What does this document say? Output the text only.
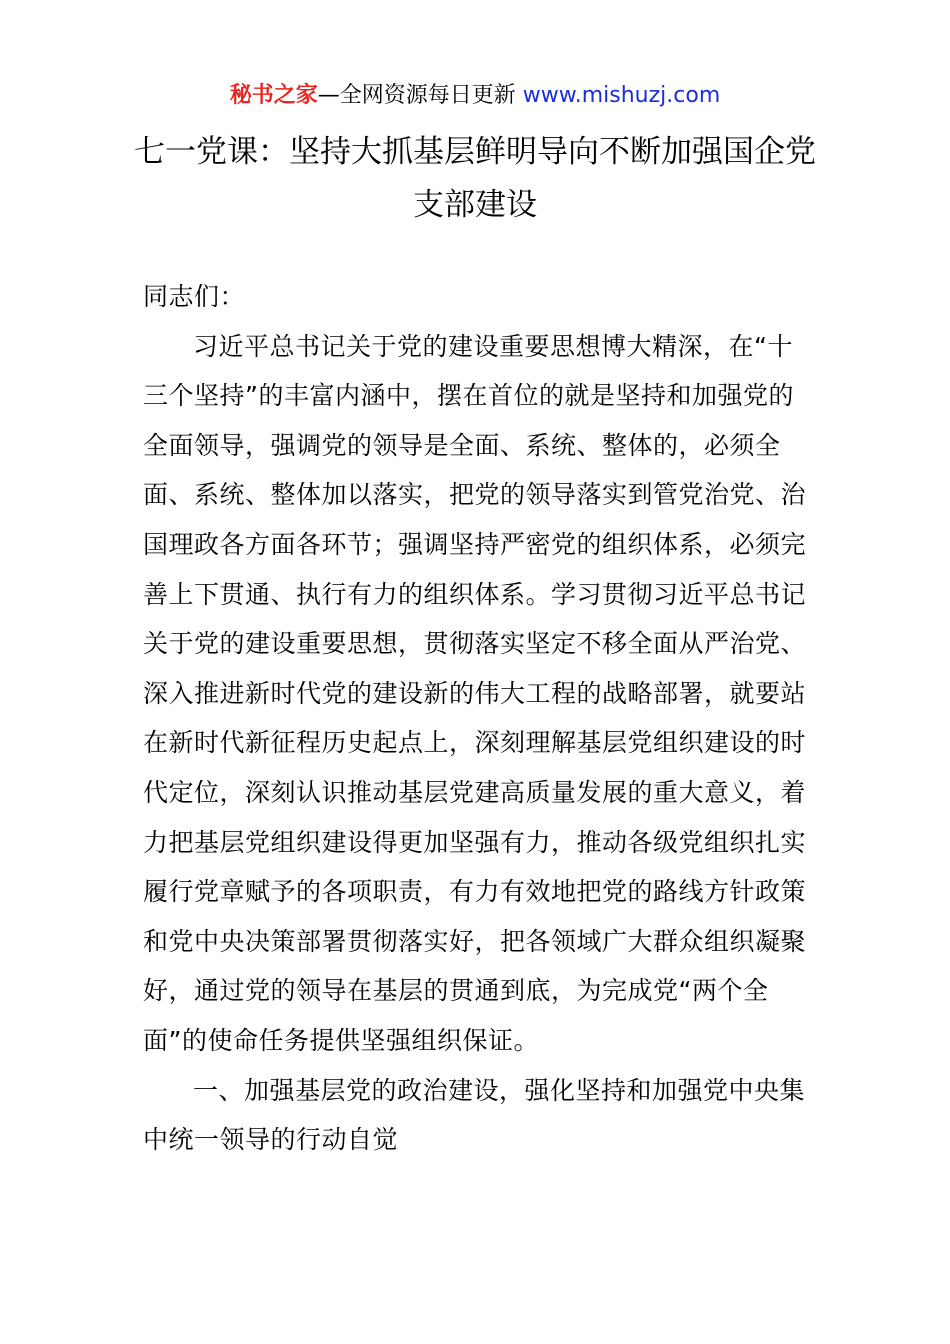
秘书之家—全网资源每日更新 www.mishuzj.com
七一党课：坚持大抓基层鲜明导向不断加强国企党支部建设

同志们：

习近平总书记关于党的建设重要思想博大精深，在“十三个坚持”的丰富内涵中，摆在首位的就是坚持和加强党的全面领导，强调党的领导是全面、系统、整体的，必须全面、系统、整体加以落实，把党的领导落实到管党治党、治国理政各方面各环节；强调坚持严密党的组织体系，必须完善上下贯通、执行有力的组织体系。学习贯彻习近平总书记关于党的建设重要思想，贯彻落实坚定不移全面从严治党、深入推进新时代党的建设新的伟大工程的战略部署，就要站在新时代新征程历史起点上，深刻理解基层党组织建设的时代定位，深刻认识推动基层党建高质量发展的重大意义，着力把基层党组织建设得更加坚强有力，推动各级党组织扎实履行党章赋予的各项职责，有力有效地把党的路线方针政策和党中央决策部署贯彻落实好，把各领域广大群众组织凝聚好，通过党的领导在基层的贯通到底，为完成党“两个全面”的使命任务提供坚强组织保证。

一、加强基层党的政治建设，强化坚持和加强党中央集中统一领导的行动自觉
